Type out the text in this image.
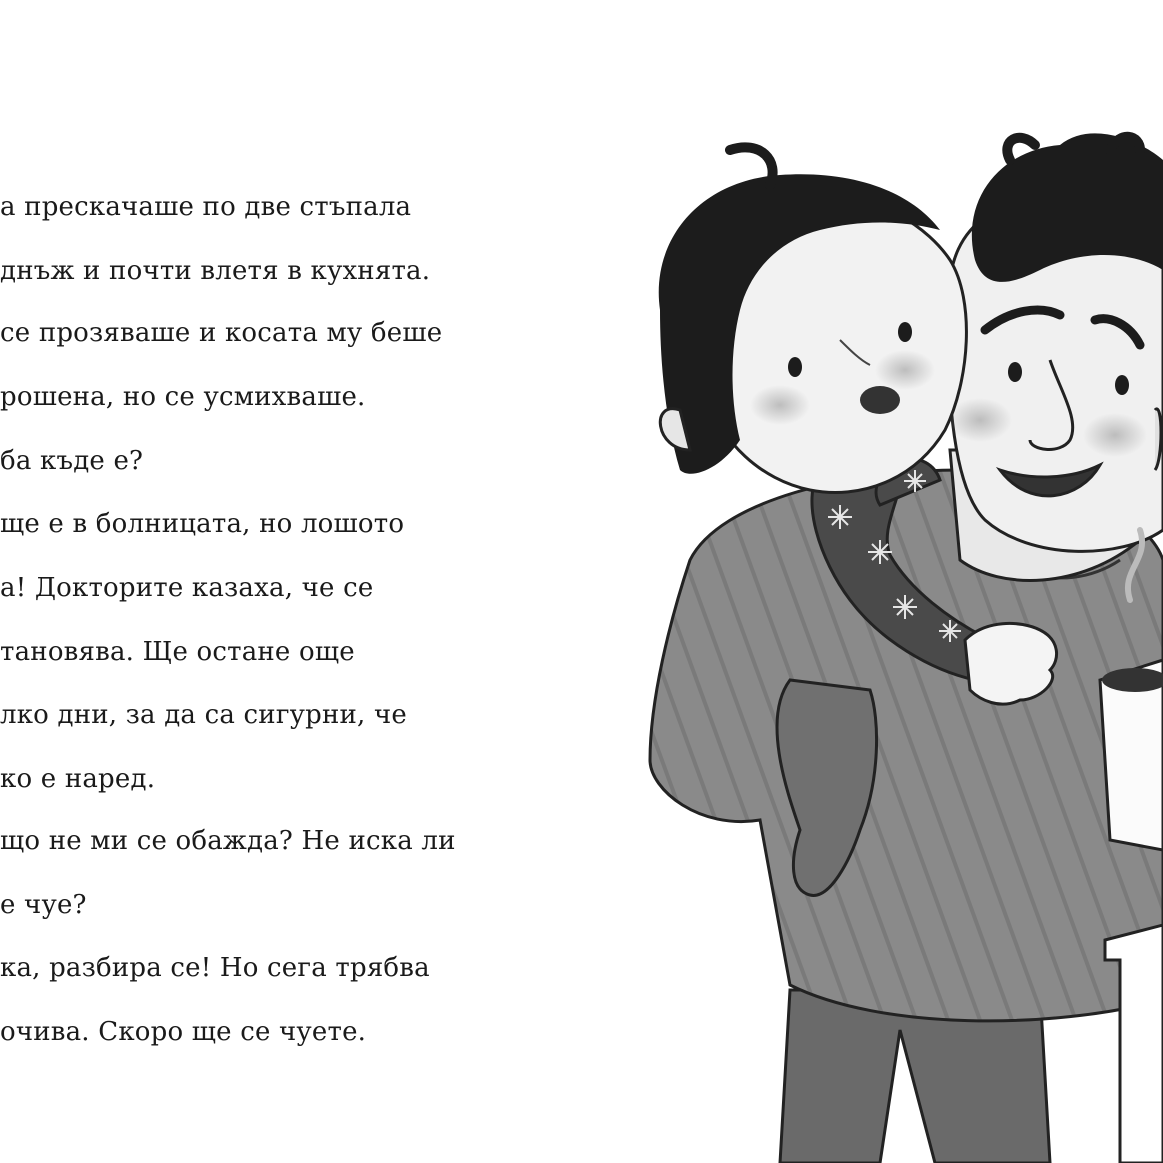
а прескачаше по две стъпала
днъж и почти влетя в кухнята.
се прозяваше и косата му беше
рошена, но се усмихваше.
ба къде е?
ще е в болницата, но лошото
а! Докторите казаха, че се
тановява. Ще остане още
лко дни, за да са сигурни, че
ко е наред.
що не ми се обажда? Не иска ли
е чуе?
ка, разбира се! Но сега трябва
очива. Скоро ще се чуете.
